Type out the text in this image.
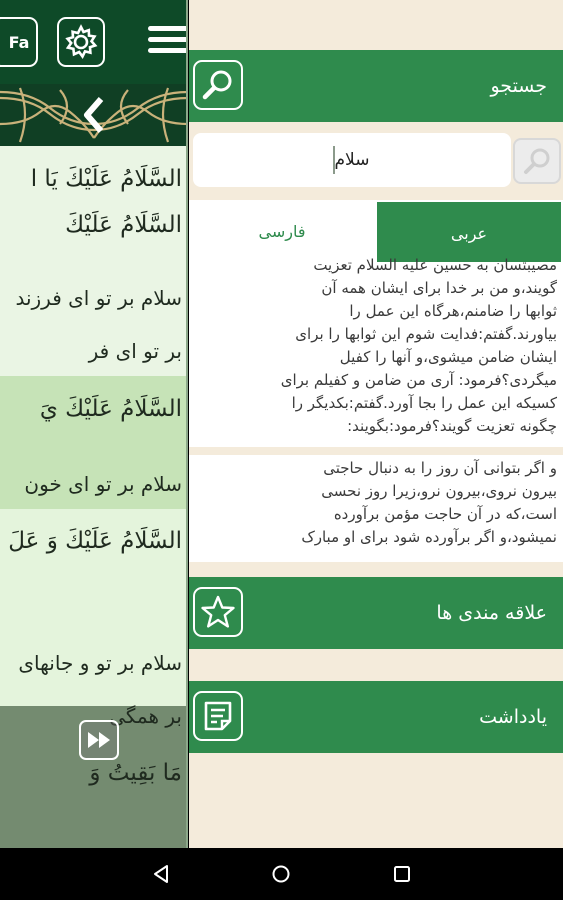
Fa
السَّلَامُ عَلَيْكَ يَا ا
السَّلَامُ عَلَيْكَ
سلام بر تو ای فرزند
بر تو ای فر
السَّلَامُ عَلَيْكَ يَ
سلام بر تو ای خون
السَّلَامُ عَلَيْكَ وَ عَلَ
سلام بر تو و جانهای
بر همگی
مَا بَقِيتُ وَ
جستجو
سلام
فارسی	عربی
مصیبتسان به حسین علیه السلام تعزیت
گویند،و من بر خدا برای ایشان همه آن
ثوابها را ضامنم،هرگاه این عمل را
بیاورند.گفتم:فدایت شوم این ثوابها را برای
ایشان ضامن میشوی،و آنها را کفیل
میگردی؟فرمود: آری من ضامن و کفیلم برای
کسیکه این عمل را بجا آورد.گفتم:بکدیگر را
چگونه تعزیت گویند؟فرمود:بگویند:
و اگر بتوانی آن روز را به دنبال حاجتی
بیرون نروی،بیرون نرو،زیرا روز نحسی
است،که در آن حاجت مؤمن برآورده
نمیشود،و اگر برآورده شود برای او مبارک
علاقه مندی ها
یادداشت
